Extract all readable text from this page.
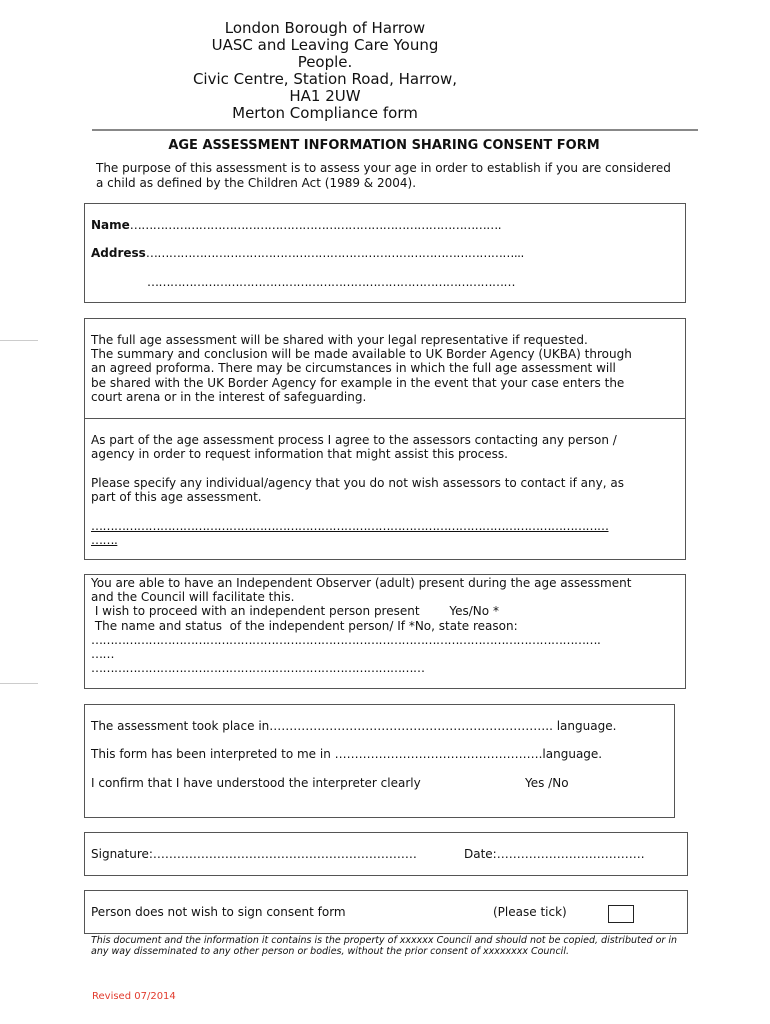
London Borough of Harrow
UASC and Leaving Care Young
People.
Civic Centre, Station Road, Harrow,
HA1 2UW
Merton Compliance form
AGE ASSESSMENT INFORMATION SHARING CONSENT FORM
The purpose of this assessment is to assess your age in order to establish if you are considered a child as defined by the Children Act (1989 & 2004).
Name…………………………………………………………………………………….
Address……………………………………………………………………………………...
……………………………………………………………………………………
The full age assessment will be shared with your legal representative if requested.
The summary and conclusion will be made available to UK Border Agency (UKBA) through
an agreed proforma. There may be circumstances in which the full age assessment will
be shared with the UK Border Agency for example in the event that your case enters the
court arena or in the interest of safeguarding.
As part of the age assessment process I agree to the assessors contacting any person /
agency in order to request information that might assist this process.
Please specify any individual/agency that you do not wish assessors to contact if any, as
part of this age assessment.
………………………………………………………………………………………………………………………
…….
You are able to have an Independent Observer (adult) present during the age assessment
and the Council will facilitate this.
I wish to proceed with an independent person present Yes/No *
The name and status  of the independent person/ If *No, state reason:
…………………………………………………………………………………………………………………….
……
……………………………………………………………………………
The assessment took place in…………………………………………………………….. language.
This form has been interpreted to me in …………………………………………….language.
I confirm that I have understood the interpreter clearly	Yes /No
Signature:…………………………………………………………	Date:……………………………….
Person does not wish to sign consent form	(Please tick)
This document and the information it contains is the property of xxxxxx Council and should not be copied, distributed or in any way disseminated to any other person or bodies, without the prior consent of xxxxxxxx Council.
Revised 07/2014
